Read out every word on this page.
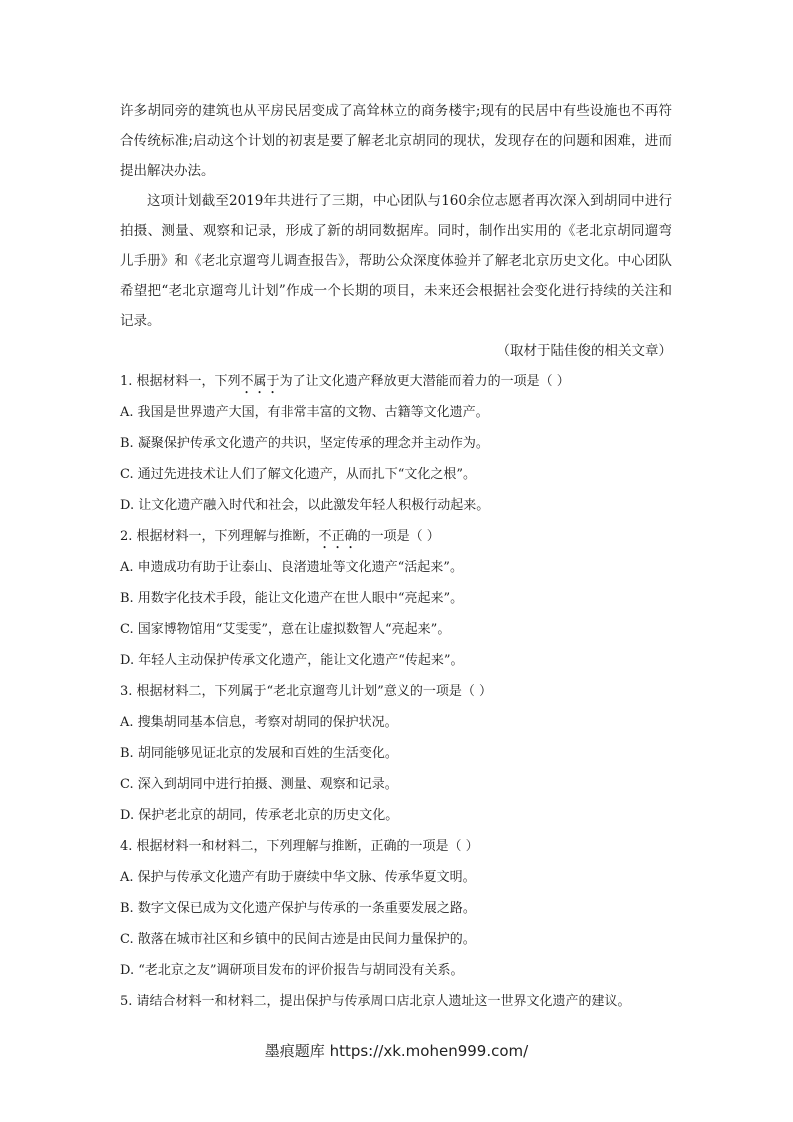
许多胡同旁的建筑也从平房民居变成了高耸林立的商务楼宇;现有的民居中有些设施也不再符合传统标准;启动这个计划的初衷是要了解老北京胡同的现状，发现存在的问题和困难，进而提出解决办法。

这项计划截至2019年共进行了三期，中心团队与160余位志愿者再次深入到胡同中进行拍摄、测量、观察和记录，形成了新的胡同数据库。同时，制作出实用的《老北京胡同遛弯儿手册》和《老北京遛弯儿调查报告》，帮助公众深度体验并了解老北京历史文化。中心团队希望把“老北京遛弯儿计划”作成一个长期的项目，未来还会根据社会变化进行持续的关注和记录。

（取材于陆佳俊的相关文章）

1. 根据材料一，下列不属于为了让文化遗产释放更大潜能而着力的一项是（ ）

A. 我国是世界遗产大国，有非常丰富的文物、古籍等文化遗产。

B. 凝聚保护传承文化遗产的共识，坚定传承的理念并主动作为。

C. 通过先进技术让人们了解文化遗产，从而扎下“文化之根”。

D. 让文化遗产融入时代和社会，以此激发年轻人积极行动起来。

2. 根据材料一，下列理解与推断，不正确的一项是（ ）

A. 申遗成功有助于让泰山、良渚遗址等文化遗产“活起来”。

B. 用数字化技术手段，能让文化遗产在世人眼中“亮起来”。

C. 国家博物馆用“艾雯雯”，意在让虚拟数智人“亮起来”。

D. 年轻人主动保护传承文化遗产，能让文化遗产“传起来”。

3. 根据材料二，下列属于“老北京遛弯儿计划”意义的一项是（ ）

A. 搜集胡同基本信息，考察对胡同的保护状况。

B. 胡同能够见证北京的发展和百姓的生活变化。

C. 深入到胡同中进行拍摄、测量、观察和记录。

D. 保护老北京的胡同，传承老北京的历史文化。

4. 根据材料一和材料二，下列理解与推断，正确的一项是（ ）

A. 保护与传承文化遗产有助于赓续中华文脉、传承华夏文明。

B. 数字文保已成为文化遗产保护与传承的一条重要发展之路。

C. 散落在城市社区和乡镇中的民间古迹是由民间力量保护的。

D. “老北京之友”调研项目发布的评价报告与胡同没有关系。

5. 请结合材料一和材料二，提出保护与传承周口店北京人遗址这一世界文化遗产的建议。

墨痕题库 https://xk.mohen999.com/
